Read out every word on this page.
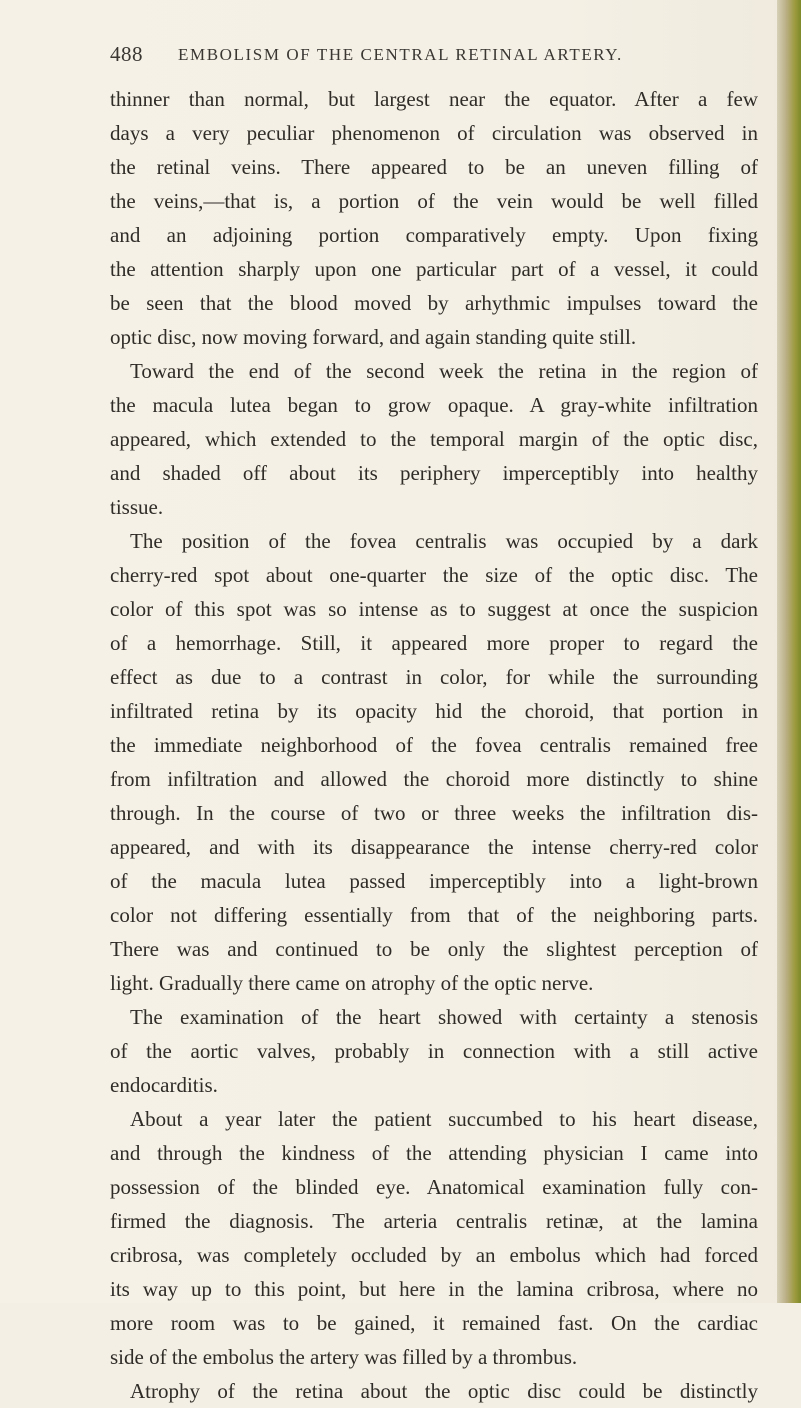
488 EMBOLISM OF THE CENTRAL RETINAL ARTERY.
thinner than normal, but largest near the equator. After a few
days a very peculiar phenomenon of circulation was observed in
the retinal veins. There appeared to be an uneven filling of
the veins,—that is, a portion of the vein would be well filled
and an adjoining portion comparatively empty. Upon fixing
the attention sharply upon one particular part of a vessel, it could
be seen that the blood moved by arhythmic impulses toward the
optic disc, now moving forward, and again standing quite still.
Toward the end of the second week the retina in the region of
the macula lutea began to grow opaque. A gray-white infiltration
appeared, which extended to the temporal margin of the optic disc,
and shaded off about its periphery imperceptibly into healthy
tissue.
The position of the fovea centralis was occupied by a dark
cherry-red spot about one-quarter the size of the optic disc. The
color of this spot was so intense as to suggest at once the suspicion
of a hemorrhage. Still, it appeared more proper to regard the
effect as due to a contrast in color, for while the surrounding
infiltrated retina by its opacity hid the choroid, that portion in
the immediate neighborhood of the fovea centralis remained free
from infiltration and allowed the choroid more distinctly to shine
through. In the course of two or three weeks the infiltration dis-
appeared, and with its disappearance the intense cherry-red color
of the macula lutea passed imperceptibly into a light-brown
color not differing essentially from that of the neighboring parts.
There was and continued to be only the slightest perception of
light. Gradually there came on atrophy of the optic nerve.
The examination of the heart showed with certainty a stenosis
of the aortic valves, probably in connection with a still active
endocarditis.
About a year later the patient succumbed to his heart disease,
and through the kindness of the attending physician I came into
possession of the blinded eye. Anatomical examination fully con-
firmed the diagnosis. The arteria centralis retinæ, at the lamina
cribrosa, was completely occluded by an embolus which had forced
its way up to this point, but here in the lamina cribrosa, where no
more room was to be gained, it remained fast. On the cardiac
side of the embolus the artery was filled by a thrombus.
Atrophy of the retina about the optic disc could be distinctly
